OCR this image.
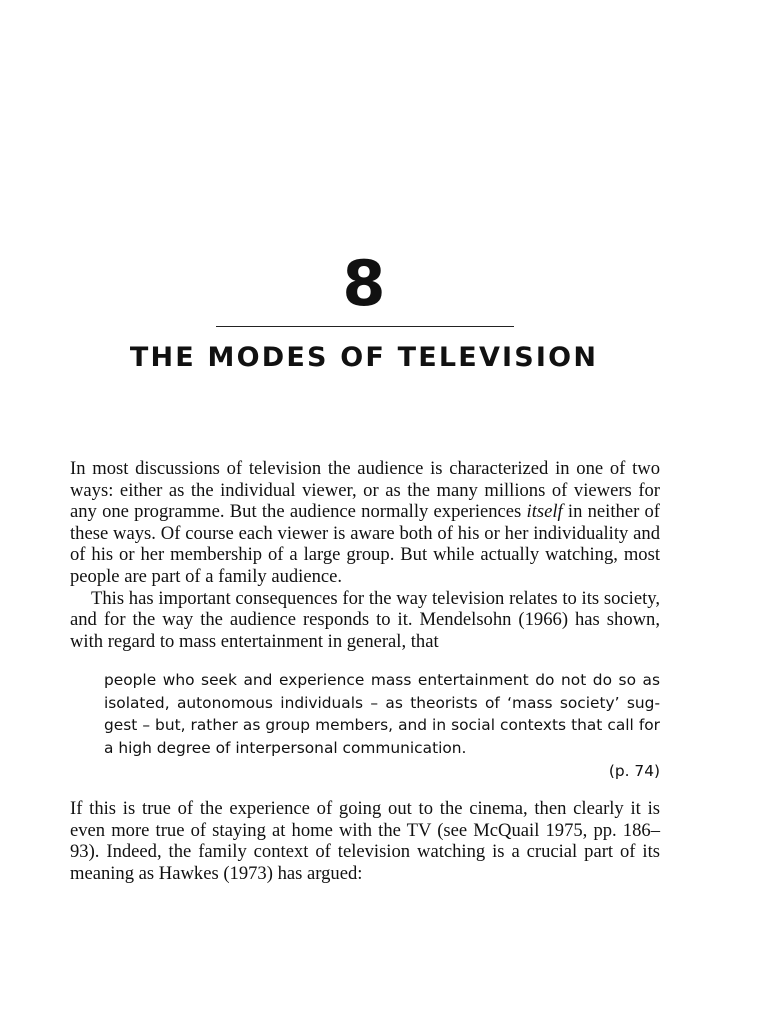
8
THE MODES OF TELEVISION

In most discussions of television the audience is characterized in one of two ways: either as the individual viewer, or as the many millions of viewers for any one programme. But the audience normally experiences itself in neither of these ways. Of course each viewer is aware both of his or her individuality and of his or her membership of a large group. But while actually watching, most people are part of a family audience.

This has important consequences for the way television relates to its society, and for the way the audience responds to it. Mendelsohn (1966) has shown, with regard to mass entertainment in general, that

people who seek and experience mass entertainment do not do so as isolated, autonomous individuals – as theorists of ‘mass society’ sug-gest – but, rather as group members, and in social contexts that call for a high degree of interpersonal communication.

(p. 74)

If this is true of the experience of going out to the cinema, then clearly it is even more true of staying at home with the TV (see McQuail 1975, pp. 186–93). Indeed, the family context of television watching is a crucial part of its meaning as Hawkes (1973) has argued:
